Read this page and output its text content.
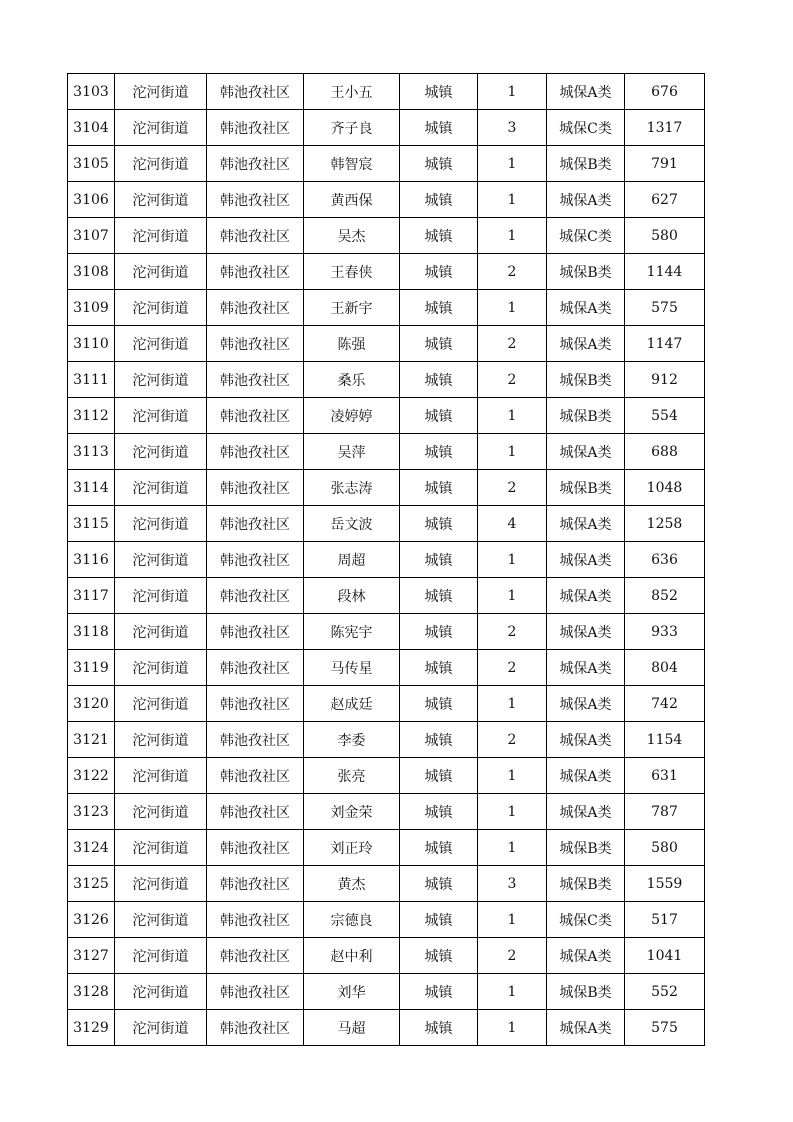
3103	沱河街道	韩池孜社区	王小五	城镇	1	城保A类	676
3104	沱河街道	韩池孜社区	齐子良	城镇	3	城保C类	1317
3105	沱河街道	韩池孜社区	韩智宸	城镇	1	城保B类	791
3106	沱河街道	韩池孜社区	黄西保	城镇	1	城保A类	627
3107	沱河街道	韩池孜社区	吴杰	城镇	1	城保C类	580
3108	沱河街道	韩池孜社区	王春侠	城镇	2	城保B类	1144
3109	沱河街道	韩池孜社区	王新宇	城镇	1	城保A类	575
3110	沱河街道	韩池孜社区	陈强	城镇	2	城保A类	1147
3111	沱河街道	韩池孜社区	桑乐	城镇	2	城保B类	912
3112	沱河街道	韩池孜社区	凌婷婷	城镇	1	城保B类	554
3113	沱河街道	韩池孜社区	吴萍	城镇	1	城保A类	688
3114	沱河街道	韩池孜社区	张志涛	城镇	2	城保B类	1048
3115	沱河街道	韩池孜社区	岳文波	城镇	4	城保A类	1258
3116	沱河街道	韩池孜社区	周超	城镇	1	城保A类	636
3117	沱河街道	韩池孜社区	段林	城镇	1	城保A类	852
3118	沱河街道	韩池孜社区	陈宪宇	城镇	2	城保A类	933
3119	沱河街道	韩池孜社区	马传星	城镇	2	城保A类	804
3120	沱河街道	韩池孜社区	赵成廷	城镇	1	城保A类	742
3121	沱河街道	韩池孜社区	李委	城镇	2	城保A类	1154
3122	沱河街道	韩池孜社区	张亮	城镇	1	城保A类	631
3123	沱河街道	韩池孜社区	刘金荣	城镇	1	城保A类	787
3124	沱河街道	韩池孜社区	刘正玲	城镇	1	城保B类	580
3125	沱河街道	韩池孜社区	黄杰	城镇	3	城保B类	1559
3126	沱河街道	韩池孜社区	宗德良	城镇	1	城保C类	517
3127	沱河街道	韩池孜社区	赵中利	城镇	2	城保A类	1041
3128	沱河街道	韩池孜社区	刘华	城镇	1	城保B类	552
3129	沱河街道	韩池孜社区	马超	城镇	1	城保A类	575
